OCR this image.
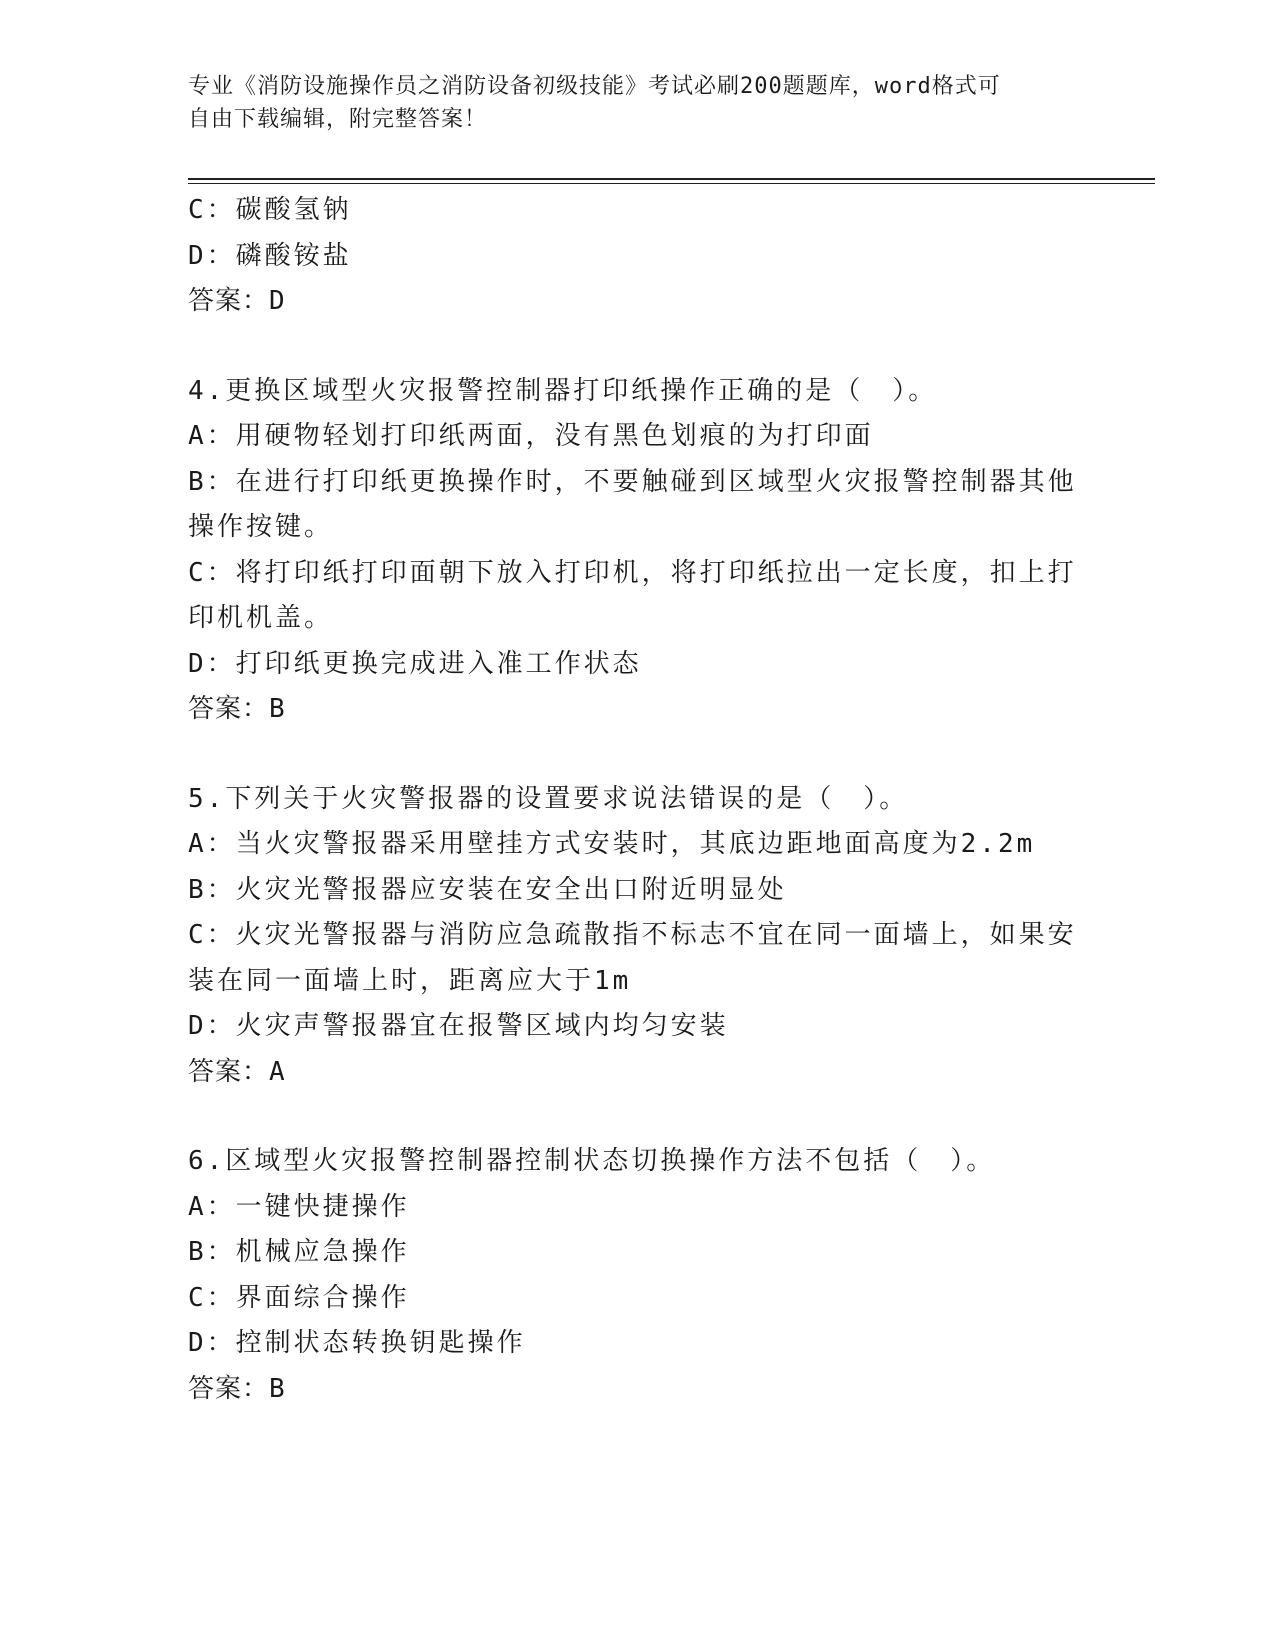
专业《消防设施操作员之消防设备初级技能》考试必刷200题题库，word格式可
自由下载编辑，附完整答案！
C：碳酸氢钠
D：磷酸铵盐
答案：D
4.更换区域型火灾报警控制器打印纸操作正确的是（　）。
A：用硬物轻划打印纸两面，没有黑色划痕的为打印面
B：在进行打印纸更换操作时，不要触碰到区域型火灾报警控制器其他
操作按键。
C：将打印纸打印面朝下放入打印机，将打印纸拉出一定长度，扣上打
印机机盖。
D：打印纸更换完成进入准工作状态
答案：B
5.下列关于火灾警报器的设置要求说法错误的是（　）。
A：当火灾警报器采用壁挂方式安装时，其底边距地面高度为2.2m
B：火灾光警报器应安装在安全出口附近明显处
C：火灾光警报器与消防应急疏散指不标志不宜在同一面墙上，如果安
装在同一面墙上时，距离应大于1m
D：火灾声警报器宜在报警区域内均匀安装
答案：A
6.区域型火灾报警控制器控制状态切换操作方法不包括（　）。
A：一键快捷操作
B：机械应急操作
C：界面综合操作
D：控制状态转换钥匙操作
答案：B
